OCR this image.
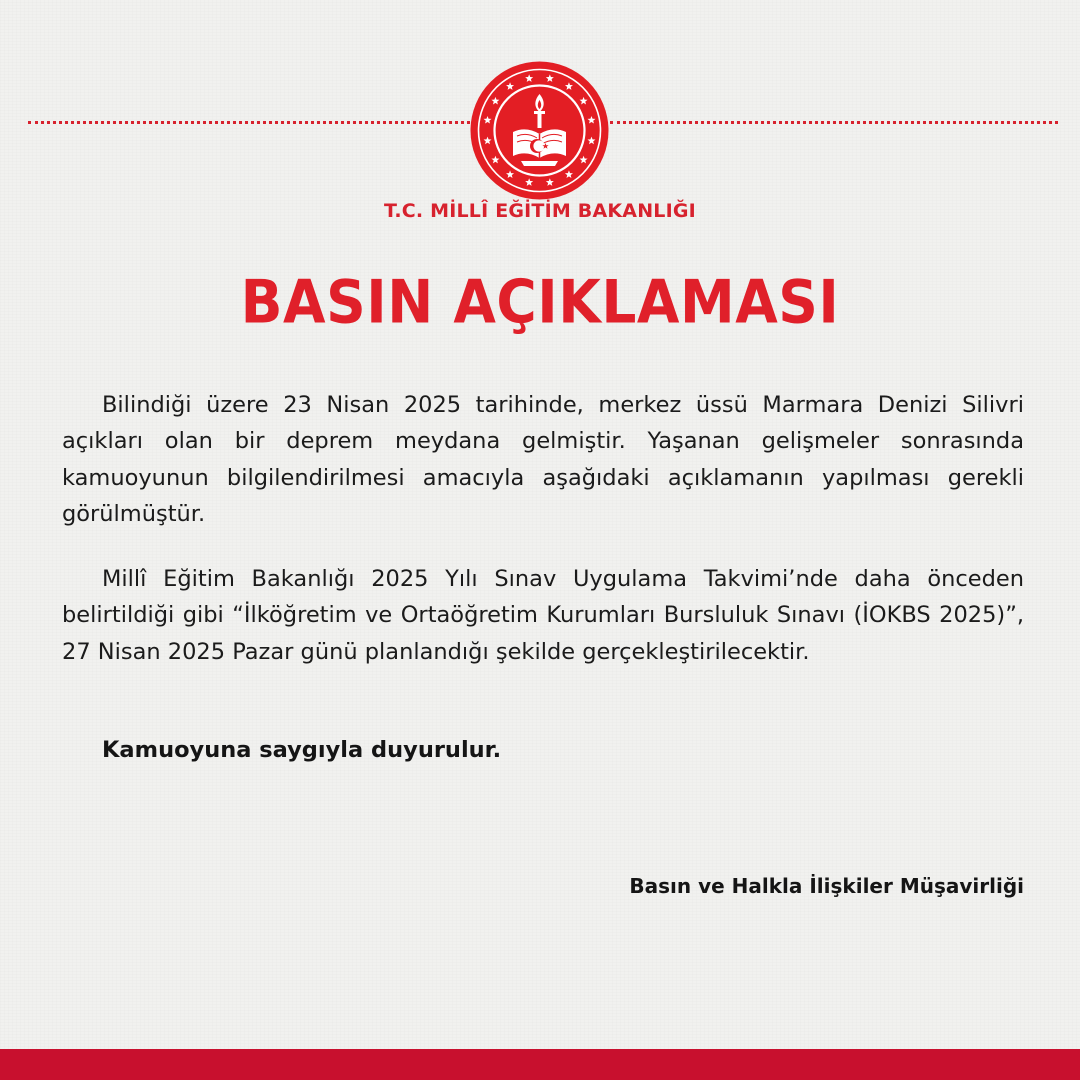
T.C. MİLLÎ EĞİTİM BAKANLIĞI
BASIN AÇIKLAMASI

Bilindiği üzere 23 Nisan 2025 tarihinde, merkez üssü Marmara Denizi Silivri açıkları olan bir deprem meydana gelmiştir. Yaşanan gelişmeler sonrasında kamuoyunun bilgilendirilmesi amacıyla aşağıdaki açıklamanın yapılması gerekli görülmüştür.

Millî Eğitim Bakanlığı 2025 Yılı Sınav Uygulama Takvimi’nde daha önceden belirtildiği gibi “İlköğretim ve Ortaöğretim Kurumları Bursluluk Sınavı (İOKBS 2025)”, 27 Nisan 2025 Pazar günü planlandığı şekilde gerçekleştirilecektir.

Kamuoyuna saygıyla duyurulur.
Basın ve Halkla İlişkiler Müşavirliği
